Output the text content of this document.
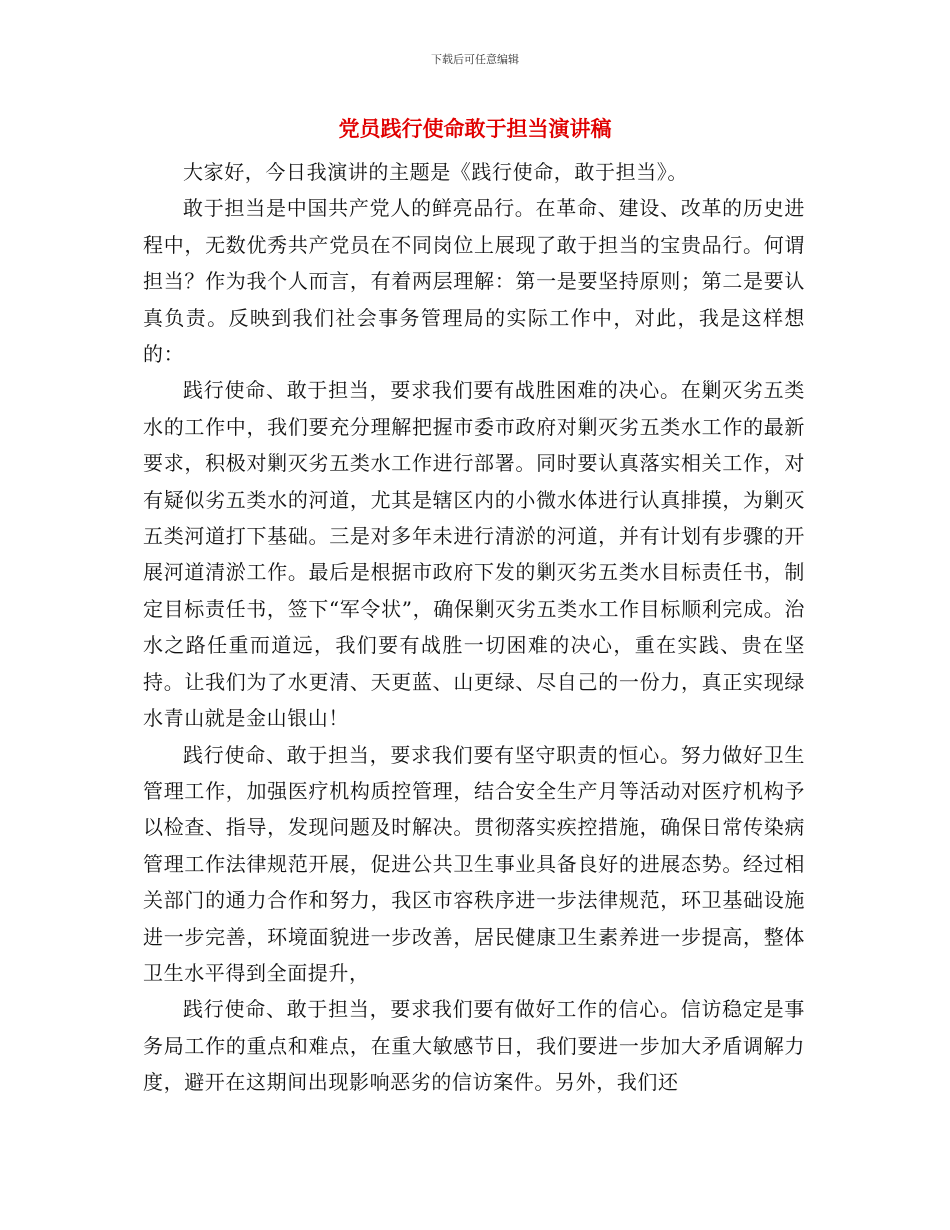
下载后可任意编辑
党员践行使命敢于担当演讲稿

大家好，今日我演讲的主题是《践行使命，敢于担当》。

敢于担当是中国共产党人的鲜亮品行。在革命、建设、改革的历史进程中，无数优秀共产党员在不同岗位上展现了敢于担当的宝贵品行。何谓担当？作为我个人而言，有着两层理解：第一是要坚持原则；第二是要认真负责。反映到我们社会事务管理局的实际工作中，对此，我是这样想的：

践行使命、敢于担当，要求我们要有战胜困难的决心。在剿灭劣五类水的工作中，我们要充分理解把握市委市政府对剿灭劣五类水工作的最新要求，积极对剿灭劣五类水工作进行部署。同时要认真落实相关工作，对有疑似劣五类水的河道，尤其是辖区内的小微水体进行认真排摸，为剿灭五类河道打下基础。三是对多年未进行清淤的河道，并有计划有步骤的开展河道清淤工作。最后是根据市政府下发的剿灭劣五类水目标责任书，制定目标责任书，签下“军令状”，确保剿灭劣五类水工作目标顺利完成。治水之路任重而道远，我们要有战胜一切困难的决心，重在实践、贵在坚持。让我们为了水更清、天更蓝、山更绿、尽自己的一份力，真正实现绿水青山就是金山银山！

践行使命、敢于担当，要求我们要有坚守职责的恒心。努力做好卫生管理工作，加强医疗机构质控管理，结合安全生产月等活动对医疗机构予以检查、指导，发现问题及时解决。贯彻落实疾控措施，确保日常传染病管理工作法律规范开展，促进公共卫生事业具备良好的进展态势。经过相关部门的通力合作和努力，我区市容秩序进一步法律规范，环卫基础设施进一步完善，环境面貌进一步改善，居民健康卫生素养进一步提高，整体卫生水平得到全面提升，

践行使命、敢于担当，要求我们要有做好工作的信心。信访稳定是事务局工作的重点和难点，在重大敏感节日，我们要进一步加大矛盾调解力度，避开在这期间出现影响恶劣的信访案件。另外，我们还
